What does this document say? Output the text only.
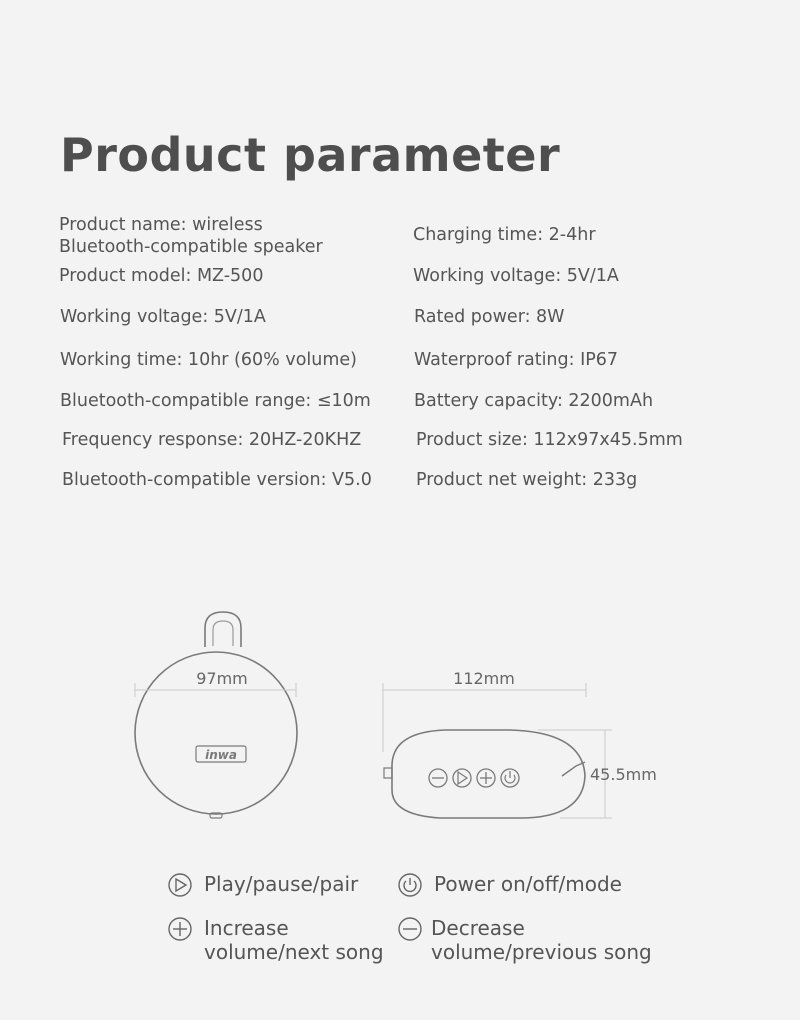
Product parameter
Product name: wireless
Bluetooth-compatible speaker
Product model: MZ-500
Working voltage: 5V/1A
Working time: 10hr (60% volume)
Bluetooth-compatible range: ≤10m
Frequency response: 20HZ-20KHZ
Bluetooth-compatible version: V5.0
Charging time: 2-4hr
Working voltage: 5V/1A
Rated power: 8W
Waterproof rating: IP67
Battery capacity: 2200mAh
Product size: 112x97x45.5mm
Product net weight: 233g
inwa
97mm	112mm
45.5mm
Play/pause/pair	Power on/off/mode
Increase
volume/next song
Decrease
volume/previous song
